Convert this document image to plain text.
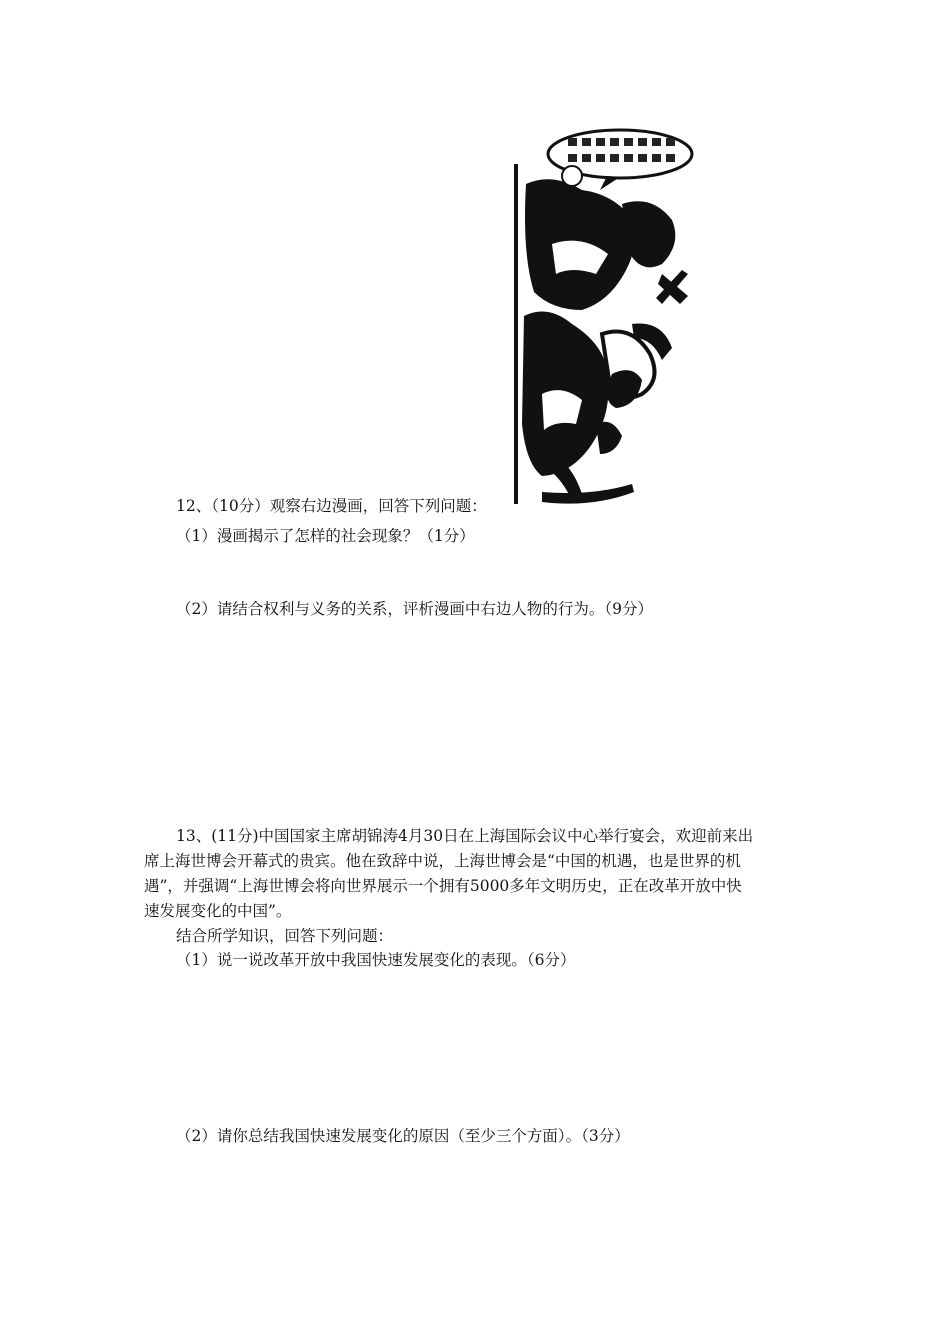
12、（10分）观察右边漫画，回答下列问题：
（1）漫画揭示了怎样的社会现象？（1分）
（2）请结合权利与义务的关系，评析漫画中右边人物的行为。（9分）
13、(11分)中国国家主席胡锦涛4月30日在上海国际会议中心举行宴会，欢迎前来出
席上海世博会开幕式的贵宾。他在致辞中说，上海世博会是“中国的机遇，也是世界的机
遇”，并强调“上海世博会将向世界展示一个拥有5000多年文明历史，正在改革开放中快
速发展变化的中国”。
结合所学知识，回答下列问题：
（1）说一说改革开放中我国快速发展变化的表现。（6分）
（2）请你总结我国快速发展变化的原因（至少三个方面）。（3分）
